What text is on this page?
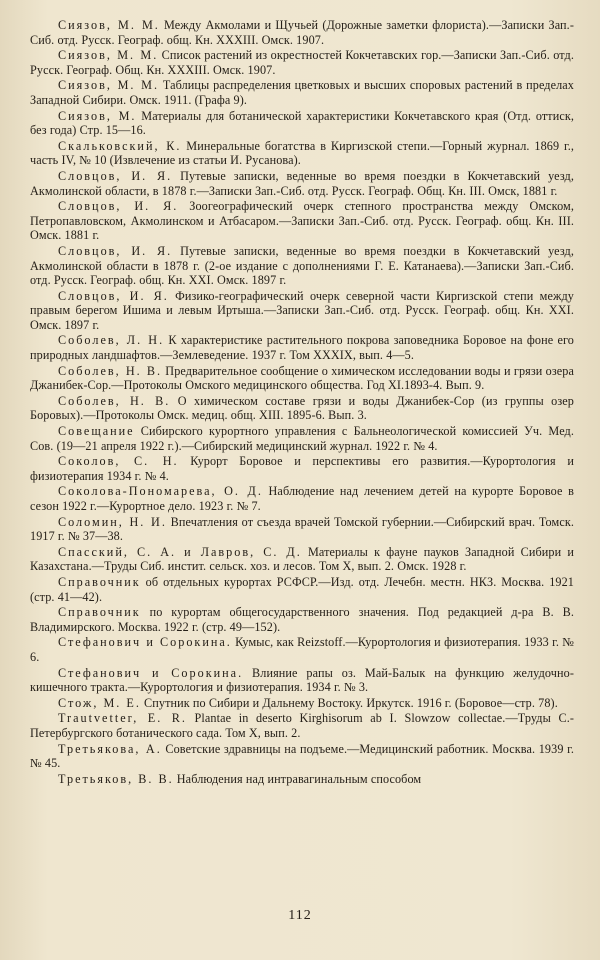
Сиязов, М. М. Между Акмолами и Щучьей (Дорожные заметки флориста).—Записки Зап.-Сиб. отд. Русск. Географ. общ. Кн. XXXIII. Омск. 1907.

Сиязов, М. М. Список растений из окрестностей Кокчетавских гор.—Записки Зап.-Сиб. отд. Русск. Географ. Общ. Кн. XXXIII. Омск. 1907.

Сиязов, М. М. Таблицы распределения цветковых и высших споровых растений в пределах Западной Сибири. Омск. 1911. (Графа 9).

Сиязов, М. Материалы для ботанической характеристики Кокчетавского края (Отд. оттиск, без года) Стр. 15—16.

Скальковский, К. Минеральные богатства в Киргизской степи.—Горный журнал. 1869 г., часть IV, № 10 (Извлечение из статьи И. Русанова).

Словцов, И. Я. Путевые записки, веденные во время поездки в Кокчетавский уезд, Акмолинской области, в 1878 г.—Записки Зап.-Сиб. отд. Русск. Географ. Общ. Кн. III. Омск, 1881 г.

Словцов, И. Я. Зоогеографический очерк степного пространства между Омском, Петропавловском, Акмолинском и Атбасаром.—Записки Зап.-Сиб. отд. Русск. Географ. общ. Кн. III. Омск. 1881 г.

Словцов, И. Я. Путевые записки, веденные во время поездки в Кокчетавский уезд, Акмолинской области в 1878 г. (2-ое издание с дополнениями Г. Е. Катанаева).—Записки Зап.-Сиб. отд. Русск. Географ. общ. Кн. XXI. Омск. 1897 г.

Словцов, И. Я. Физико-географический очерк северной части Киргизской степи между правым берегом Ишима и левым Иртыша.—Записки Зап.-Сиб. отд. Русск. Географ. общ. Кн. XXI. Омск. 1897 г.

Соболев, Л. Н. К характеристике растительного покрова заповедника Боровое на фоне его природных ландшафтов.—Землеведение. 1937 г. Том XXXIX, вып. 4—5.

Соболев, Н. В. Предварительное сообщение о химическом исследовании воды и грязи озера Джанибек-Сор.—Протоколы Омского медицинского общества. Год XI.1893-4. Вып. 9.

Соболев, Н. В. О химическом составе грязи и воды Джанибек-Сор (из группы озер Боровых).—Протоколы Омск. медиц. общ. XIII. 1895-6. Вып. 3.

Совещание Сибирского курортного управления с Бальнеологической комиссией Уч. Мед. Сов. (19—21 апреля 1922 г.).—Сибирский медицинский журнал. 1922 г. № 4.

Соколов, С. Н. Курорт Боровое и перспективы его развития.—Курортология и физиотерапия 1934 г. № 4.

Соколова-Пономарева, О. Д. Наблюдение над лечением детей на курорте Боровое в сезон 1922 г.—Курортное дело. 1923 г. № 7.

Соломин, Н. И. Впечатления от съезда врачей Томской губернии.—Сибирский врач. Томск. 1917 г. № 37—38.

Спасский, С. А. и Лавров, С. Д. Материалы к фауне пауков Западной Сибири и Казахстана.—Труды Сиб. инстит. сельск. хоз. и лесов. Том X, вып. 2. Омск. 1928 г.

Справочник об отдельных курортах РСФСР.—Изд. отд. Лечебн. местн. НКЗ. Москва. 1921 (стр. 41—42).

Справочник по курортам общегосударственного значения. Под редакцией д-ра В. В. Владимирского. Москва. 1922 г. (стр. 49—152).

Стефанович и Сорокина. Кумыс, как Reizstoff.—Курортология и физиотерапия. 1933 г. № 6.

Стефанович и Сорокина. Влияние рапы оз. Май-Балык на функцию желудочно-кишечного тракта.—Курортология и физиотерапия. 1934 г. № 3.

Стож, М. Е. Спутник по Сибири и Дальнему Востоку. Иркутск. 1916 г. (Боровое—стр. 78).

Trautvetter, E. R. Plantae in deserto Kirghisorum ab I. Slowzow collectae.—Труды С.-Петербургского ботанического сада. Том X, вып. 2.

Третьякова, А. Советские здравницы на подъеме.—Медицинский работник. Москва. 1939 г. № 45.

Третьяков, В. В. Наблюдения над интравагинальным способом

112
